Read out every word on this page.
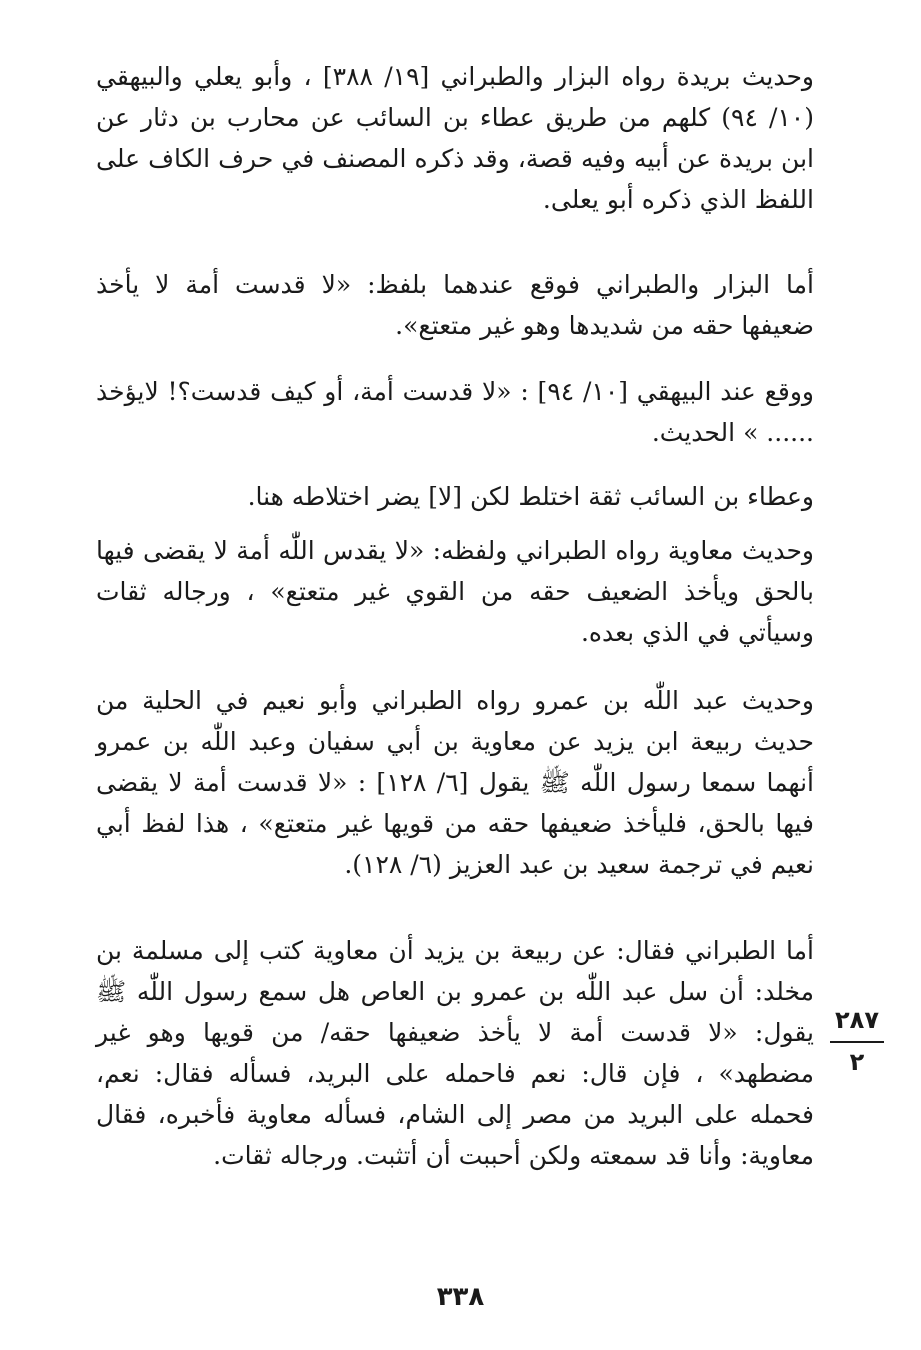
وحديث بريدة رواه البزار والطبراني [١٩/ ٣٨٨] ، وأبو يعلي والبيهقي (١٠/ ٩٤) كلهم من طريق عطاء بن السائب عن محارب بن دثار عن ابن بريدة عن أبيه وفيه قصة، وقد ذكره المصنف في حرف الكاف على اللفظ الذي ذكره أبو يعلى.

أما البزار والطبراني فوقع عندهما بلفظ: «لا قدست أمة لا يأخذ ضعيفها حقه من شديدها وهو غير متعتع».

ووقع عند البيهقي [١٠/ ٩٤] : «لا قدست أمة، أو كيف قدست؟! لايؤخذ ...... » الحديث.

وعطاء بن السائب ثقة اختلط لكن [لا] يضر اختلاطه هنا.

وحديث معاوية رواه الطبراني ولفظه: «لا يقدس اللّٰه أمة لا يقضى فيها بالحق ويأخذ الضعيف حقه من القوي غير متعتع» ، ورجاله ثقات وسيأتي في الذي بعده.

وحديث عبد اللّٰه بن عمرو رواه الطبراني وأبو نعيم في الحلية من حديث ربيعة ابن يزيد عن معاوية بن أبي سفيان وعبد اللّٰه بن عمرو أنهما سمعا رسول اللّٰه ﷺ يقول [٦/ ١٢٨] : «لا قدست أمة لا يقضى فيها بالحق، فليأخذ ضعيفها حقه من قويها غير متعتع» ، هذا لفظ أبي نعيم في ترجمة سعيد بن عبد العزيز (٦/ ١٢٨).

أما الطبراني فقال: عن ربيعة بن يزيد أن معاوية كتب إلى مسلمة بن مخلد: أن سل عبد اللّٰه بن عمرو بن العاص هل سمع رسول اللّٰه ﷺ يقول: «لا قدست أمة لا يأخذ ضعيفها حقه/ من قويها وهو غير مضطهد» ، فإن قال: نعم فاحمله على البريد، فسأله فقال: نعم، فحمله على البريد من مصر إلى الشام، فسأله معاوية فأخبره، فقال معاوية: وأنا قد سمعته ولكن أحببت أن أتثبت. ورجاله ثقات.

٢٨٧
٢
٣٣٨
